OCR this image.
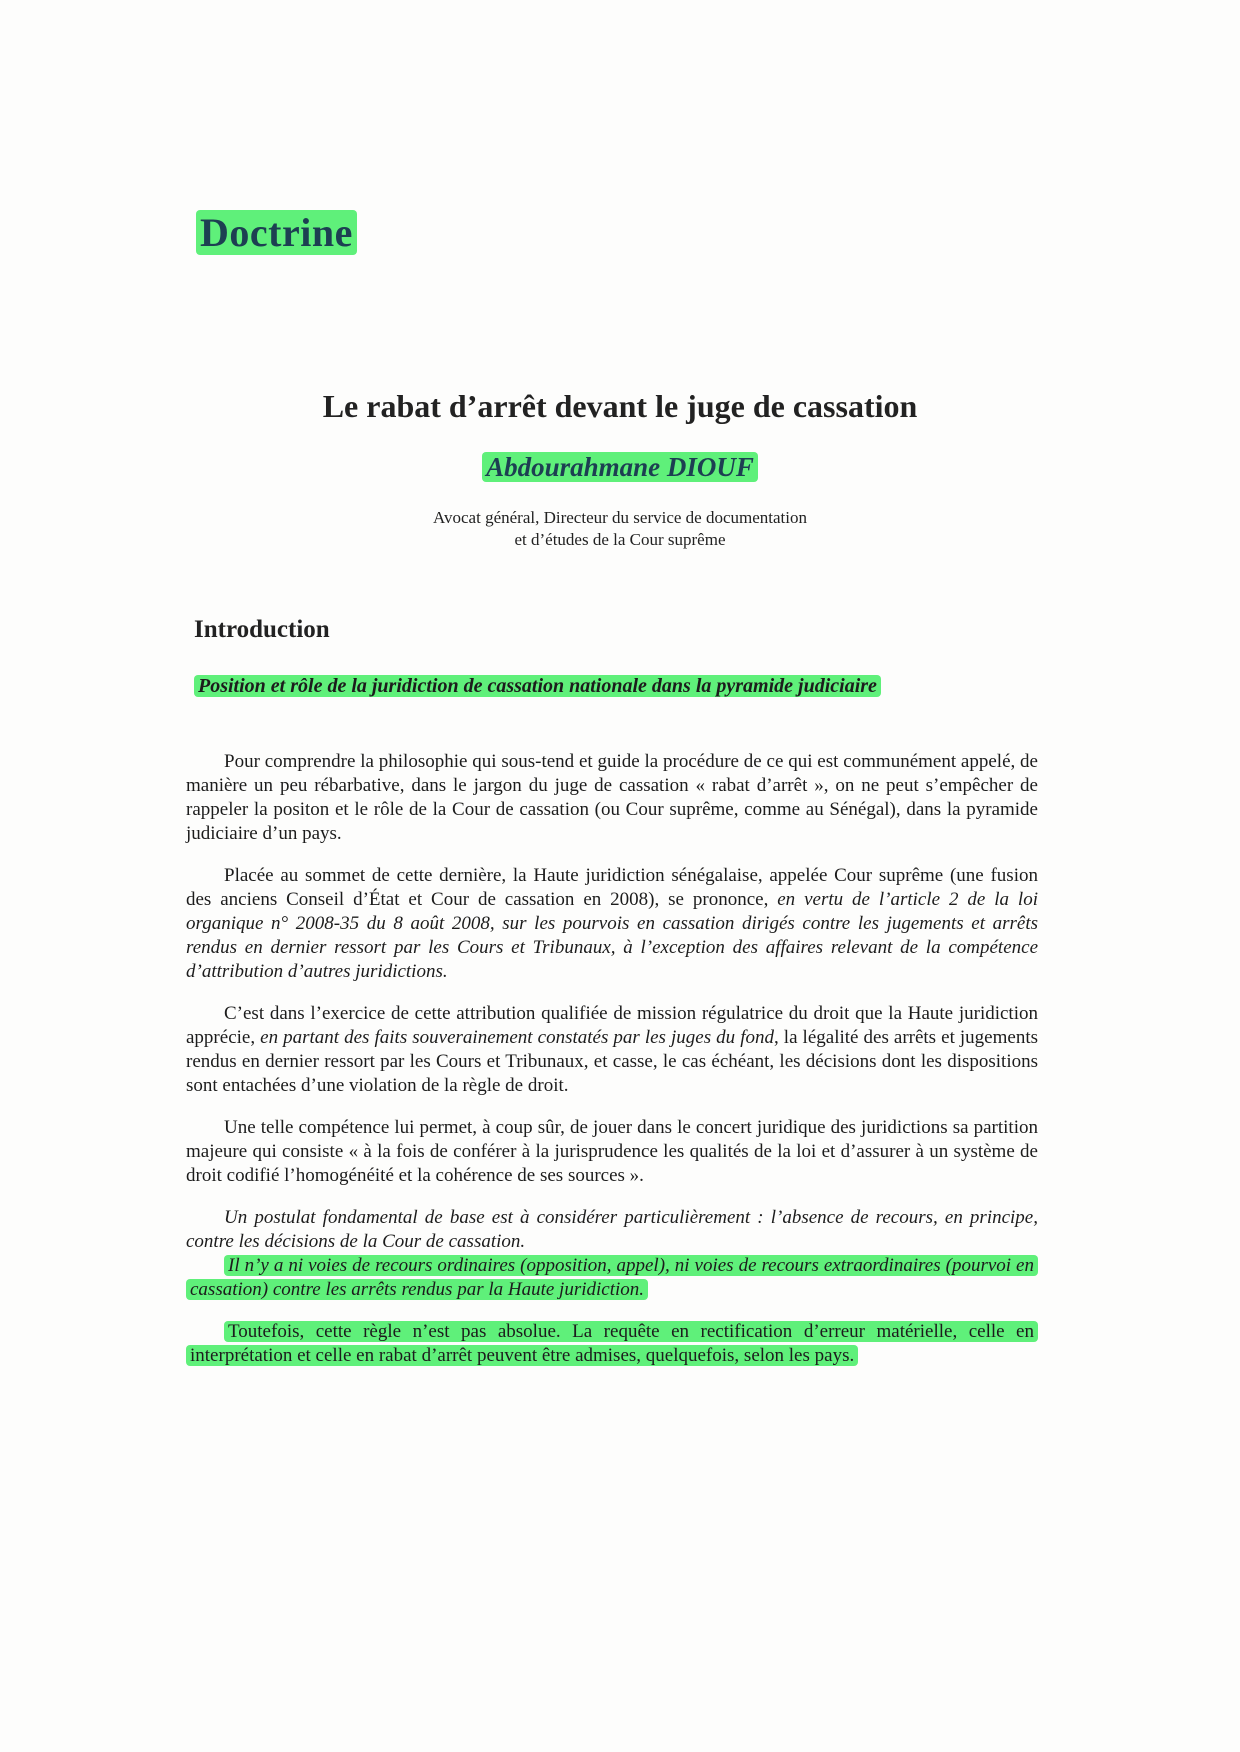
Doctrine
Le rabat d’arrêt devant le juge de cassation
Abdourahmane DIOUF
Avocat général, Directeur du service de documentation
et d’études de la Cour suprême
Introduction
Position et rôle de la juridiction de cassation nationale dans la pyramide judiciaire

Pour comprendre la philosophie qui sous-tend et guide la procédure de ce qui est communément appelé, de manière un peu rébarbative, dans le jargon du juge de cassation « rabat d’arrêt », on ne peut s’empêcher de rappeler la positon et le rôle de la Cour de cassation (ou Cour suprême, comme au Sénégal), dans la pyramide judiciaire d’un pays.

Placée au sommet de cette dernière, la Haute juridiction sénégalaise, appelée Cour suprême (une fusion des anciens Conseil d’État et Cour de cassation en 2008), se prononce, en vertu de l’article 2 de la loi organique n° 2008-35 du 8 août 2008, sur les pourvois en cassation dirigés contre les jugements et arrêts rendus en dernier ressort par les Cours et Tribunaux, à l’exception des affaires relevant de la compétence d’attribution d’autres juridictions.

C’est dans l’exercice de cette attribution qualifiée de mission régulatrice du droit que la Haute juridiction apprécie, en partant des faits souverainement constatés par les juges du fond, la légalité des arrêts et jugements rendus en dernier ressort par les Cours et Tribunaux, et casse, le cas échéant, les décisions dont les dispositions sont entachées d’une violation de la règle de droit.

Une telle compétence lui permet, à coup sûr, de jouer dans le concert juridique des juridictions sa partition majeure qui consiste « à la fois de conférer à la jurisprudence les qualités de la loi et d’assurer à un système de droit codifié l’homogénéité et la cohérence de ses sources ».

Un postulat fondamental de base est à considérer particulièrement : l’absence de recours, en principe, contre les décisions de la Cour de cassation.

Il n’y a ni voies de recours ordinaires (opposition, appel), ni voies de recours extraordinaires (pourvoi en cassation) contre les arrêts rendus par la Haute juridiction.

Toutefois, cette règle n’est pas absolue. La requête en rectification d’erreur matérielle, celle en interprétation et celle en rabat d’arrêt peuvent être admises, quelquefois, selon les pays.
